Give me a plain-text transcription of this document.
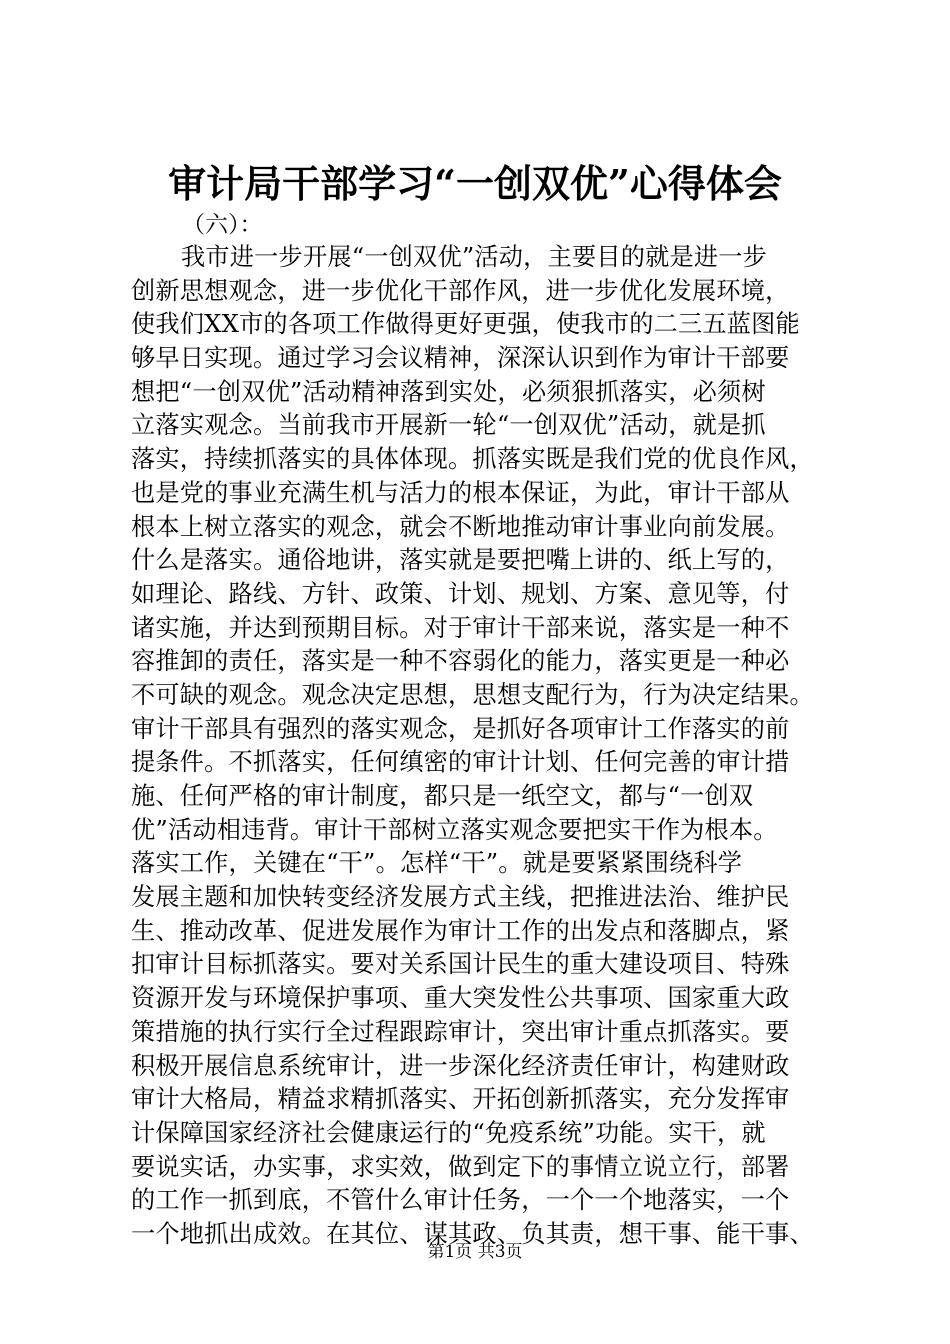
审计局干部学习“一创双优”心得体会
（六）：
我市进一步开展“一创双优”活动，主要目的就是进一步
创新思想观念，进一步优化干部作风，进一步优化发展环境，
使我们XX市的各项工作做得更好更强，使我市的二三五蓝图能
够早日实现。通过学习会议精神，深深认识到作为审计干部要
想把“一创双优”活动精神落到实处，必须狠抓落实，必须树
立落实观念。当前我市开展新一轮“一创双优”活动，就是抓
落实，持续抓落实的具体体现。抓落实既是我们党的优良作风，
也是党的事业充满生机与活力的根本保证，为此，审计干部从
根本上树立落实的观念，就会不断地推动审计事业向前发展。
什么是落实。通俗地讲，落实就是要把嘴上讲的、纸上写的，
如理论、路线、方针、政策、计划、规划、方案、意见等，付
诸实施，并达到预期目标。对于审计干部来说，落实是一种不
容推卸的责任，落实是一种不容弱化的能力，落实更是一种必
不可缺的观念。观念决定思想，思想支配行为，行为决定结果。
审计干部具有强烈的落实观念，是抓好各项审计工作落实的前
提条件。不抓落实，任何缜密的审计计划、任何完善的审计措
施、任何严格的审计制度，都只是一纸空文，都与“一创双
优”活动相违背。审计干部树立落实观念要把实干作为根本。
落实工作，关键在“干”。怎样“干”。就是要紧紧围绕科学
发展主题和加快转变经济发展方式主线，把推进法治、维护民
生、推动改革、促进发展作为审计工作的出发点和落脚点，紧
扣审计目标抓落实。要对关系国计民生的重大建设项目、特殊
资源开发与环境保护事项、重大突发性公共事项、国家重大政
策措施的执行实行全过程跟踪审计，突出审计重点抓落实。要
积极开展信息系统审计，进一步深化经济责任审计，构建财政
审计大格局，精益求精抓落实、开拓创新抓落实，充分发挥审
计保障国家经济社会健康运行的“免疫系统”功能。实干，就
要说实话，办实事，求实效，做到定下的事情立说立行，部署
的工作一抓到底，不管什么审计任务，一个一个地落实，一个
一个地抓出成效。在其位、谋其政、负其责，想干事、能干事、
第1页 共3页
